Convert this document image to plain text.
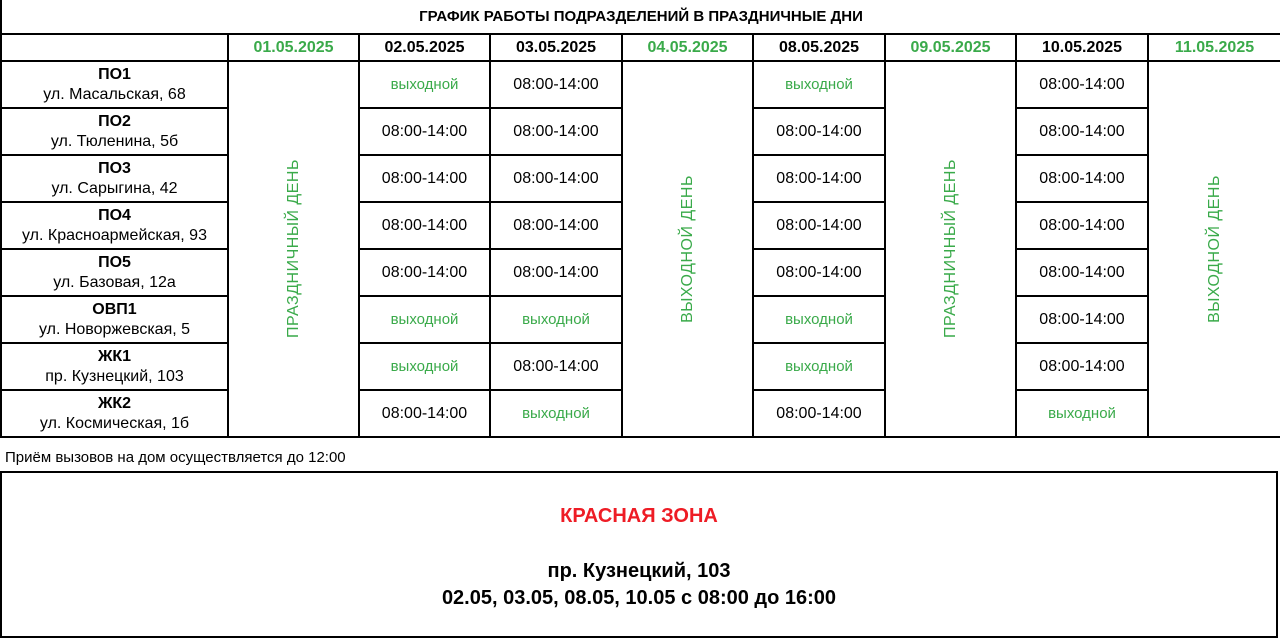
ГРАФИК РАБОТЫ ПОДРАЗДЕЛЕНИЙ В ПРАЗДНИЧНЫЕ ДНИ								
	01.05.2025	02.05.2025	03.05.2025	04.05.2025	08.05.2025	09.05.2025	10.05.2025	11.05.2025

ПО1
ул. Масальская, 68	ПРАЗДНИЧНЫЙ ДЕНЬ	выходной	08:00-14:00	ВЫХОДНОЙ ДЕНЬ	выходной	ПРАЗДНИЧНЫЙ ДЕНЬ	08:00-14:00	ВЫХОДНОЙ ДЕНЬ

ПО2
ул. Тюленина, 5б		08:00-14:00	08:00-14:00		08:00-14:00		08:00-14:00	

ПО3
ул. Сарыгина, 42		08:00-14:00	08:00-14:00		08:00-14:00		08:00-14:00	

ПО4
ул. Красноармейская, 93		08:00-14:00	08:00-14:00		08:00-14:00		08:00-14:00	

ПО5
ул. Базовая, 12а		08:00-14:00	08:00-14:00		08:00-14:00		08:00-14:00	

ОВП1
ул. Новоржевская, 5		выходной	выходной		выходной		08:00-14:00	

ЖК1
пр. Кузнецкий, 103		выходной	08:00-14:00		выходной		08:00-14:00	

ЖК2
ул. Космическая, 1б		08:00-14:00	выходной		08:00-14:00		выходной	
Приём вызовов на дом осуществляется до 12:00
КРАСНАЯ ЗОНА
пр. Кузнецкий, 103
02.05, 03.05, 08.05, 10.05 с 08:00 до 16:00
